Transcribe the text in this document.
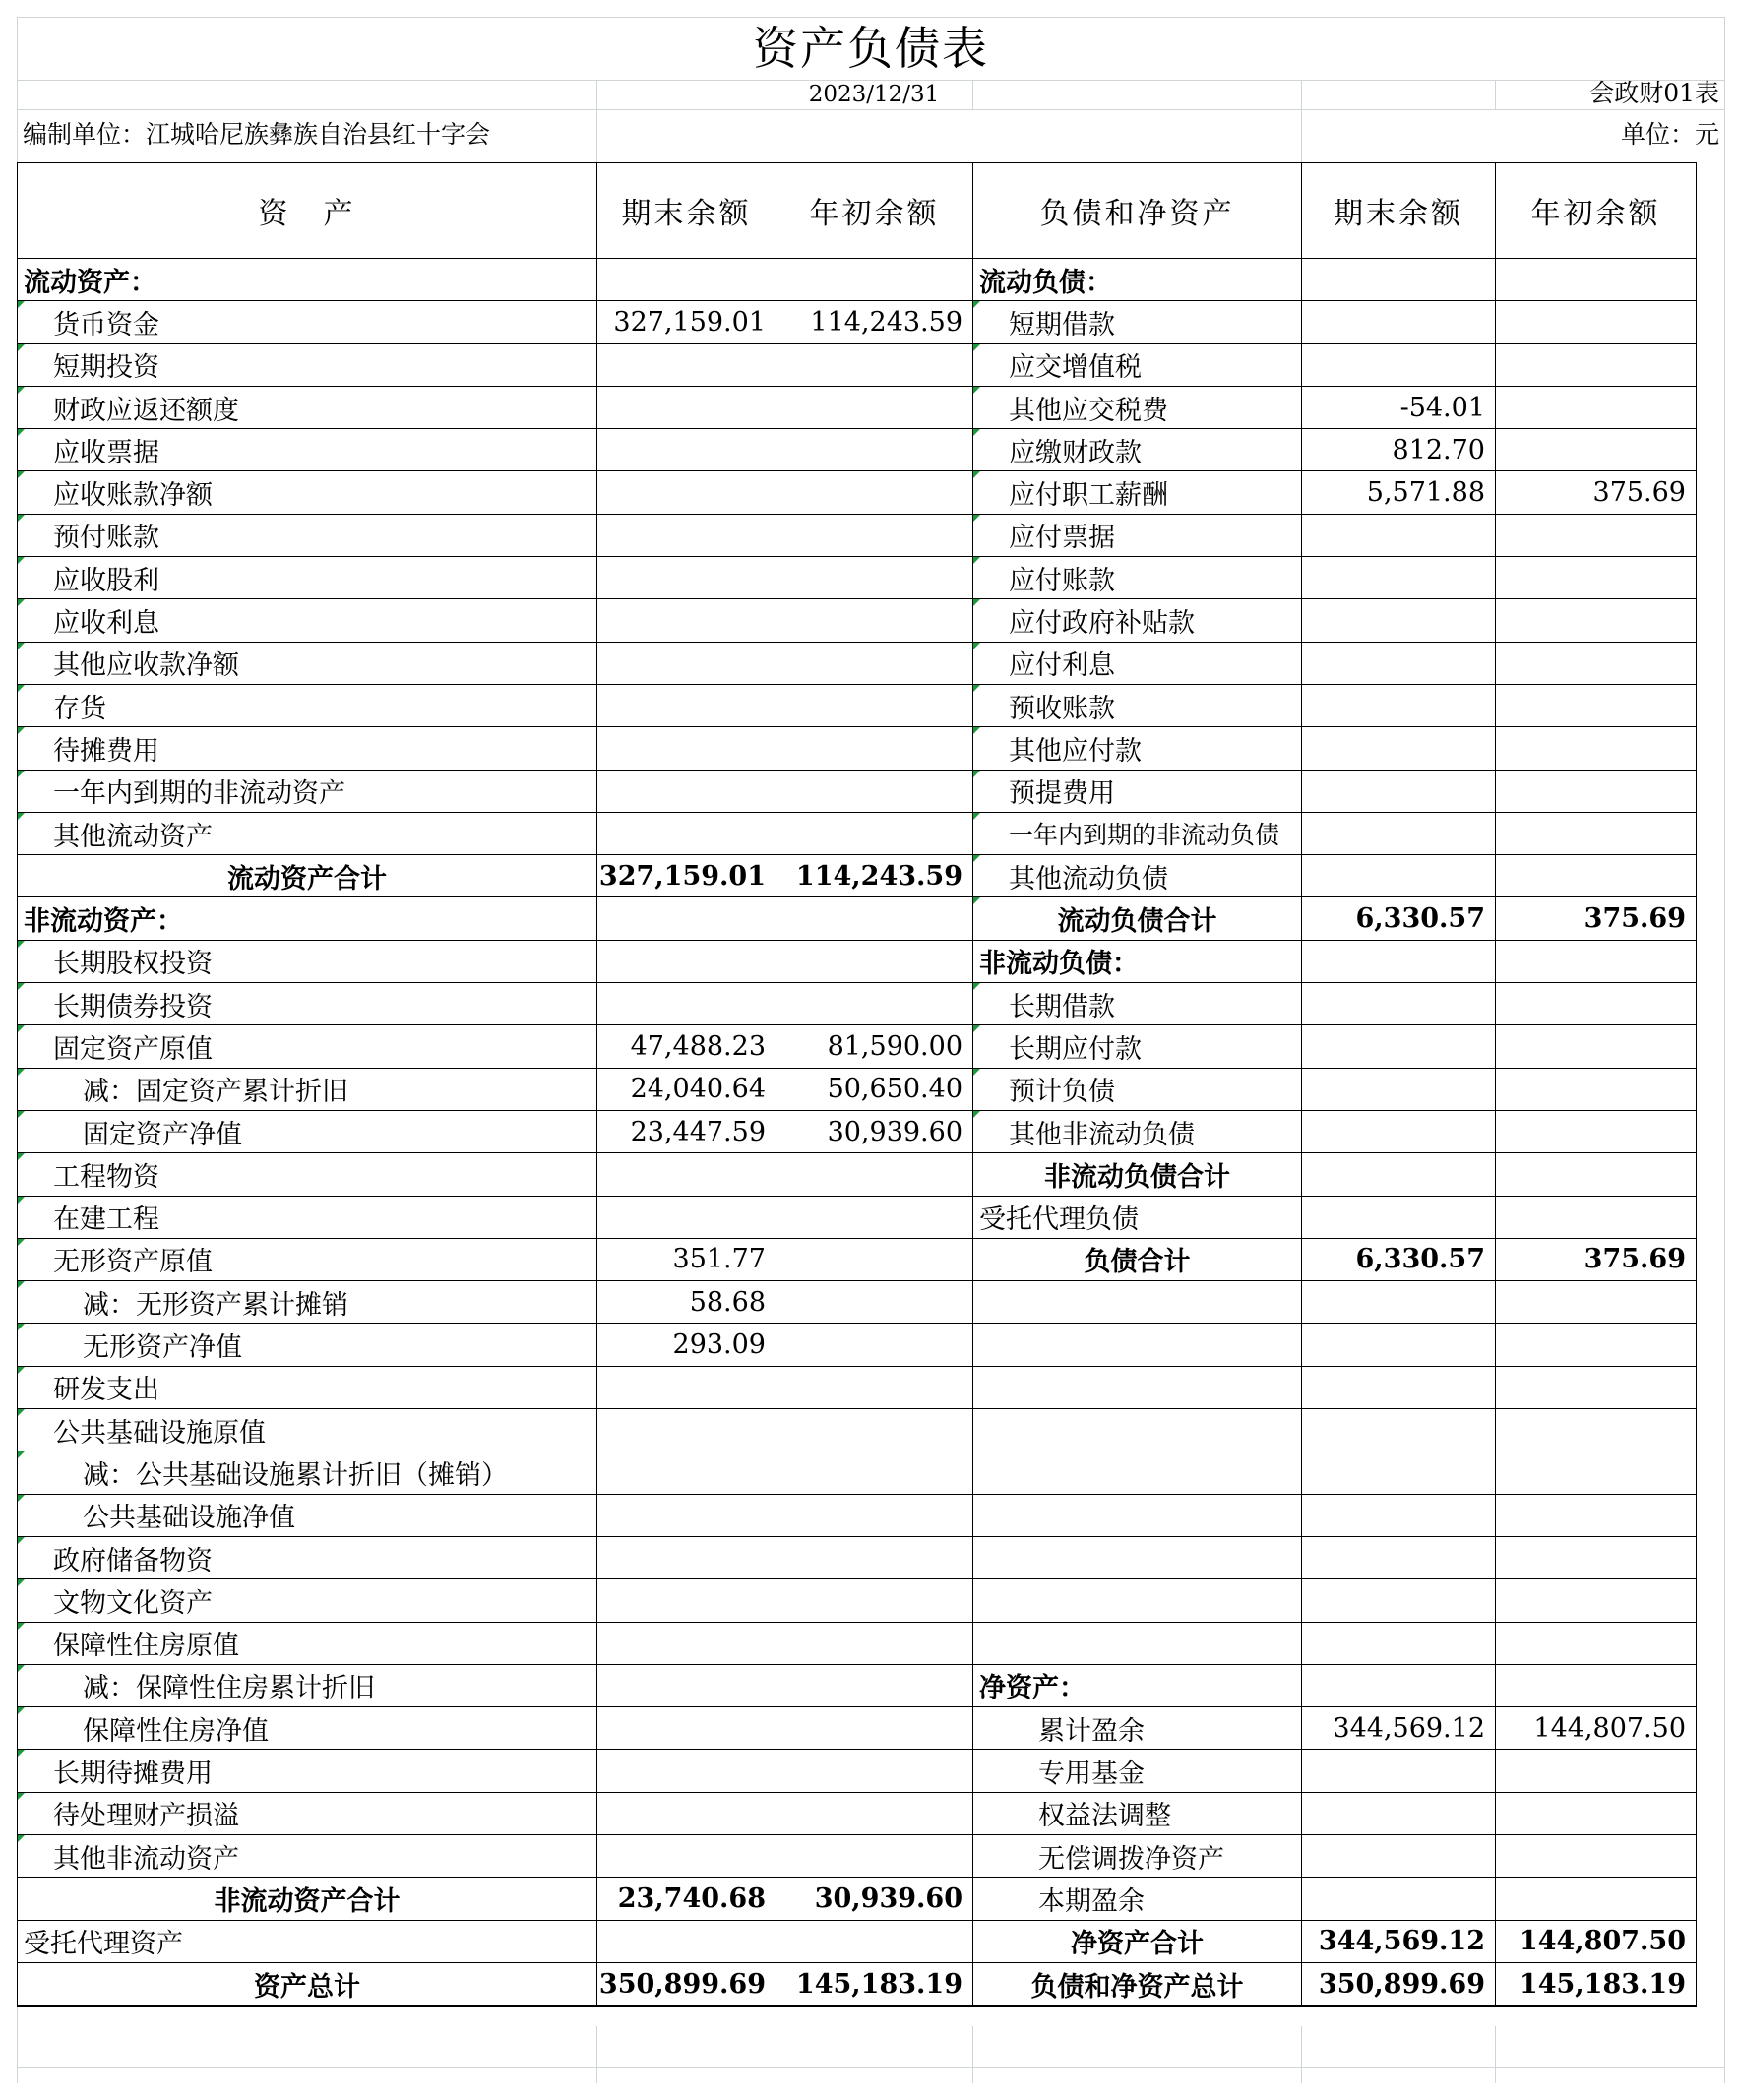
资产负债表
2023/12/31	会政财01表
编制单位：江城哈尼族彝族自治县红十字会	单位：元
资　产	期末余额	年初余额	负债和净资产	期末余额	年初余额
流动资产：			流动负债：		
货币资金	327,159.01	114,243.59	短期借款		
短期投资			应交增值税		
财政应返还额度			其他应交税费	-54.01	
应收票据			应缴财政款	812.70	
应收账款净额			应付职工薪酬	5,571.88	375.69
预付账款			应付票据		
应收股利			应付账款		
应收利息			应付政府补贴款		
其他应收款净额			应付利息		
存货			预收账款		
待摊费用			其他应付款		
一年内到期的非流动资产			预提费用		
其他流动资产			一年内到期的非流动负债		
流动资产合计	327,159.01	114,243.59	其他流动负债		
非流动资产：			流动负债合计	6,330.57	375.69
长期股权投资			非流动负债：		
长期债券投资			长期借款		
固定资产原值	47,488.23	81,590.00	长期应付款		
减：固定资产累计折旧	24,040.64	50,650.40	预计负债		
固定资产净值	23,447.59	30,939.60	其他非流动负债		
工程物资			非流动负债合计		
在建工程			受托代理负债		
无形资产原值	351.77		负债合计	6,330.57	375.69
减：无形资产累计摊销	58.68				
无形资产净值	293.09				
研发支出					
公共基础设施原值					
减：公共基础设施累计折旧（摊销）					
公共基础设施净值					
政府储备物资					
文物文化资产					
保障性住房原值					
减：保障性住房累计折旧			净资产：		
保障性住房净值			累计盈余	344,569.12	144,807.50
长期待摊费用			专用基金		
待处理财产损溢			权益法调整		
其他非流动资产			无偿调拨净资产		
非流动资产合计	23,740.68	30,939.60	本期盈余		
受托代理资产			净资产合计	344,569.12	144,807.50
资产总计	350,899.69	145,183.19	负债和净资产总计	350,899.69	145,183.19
